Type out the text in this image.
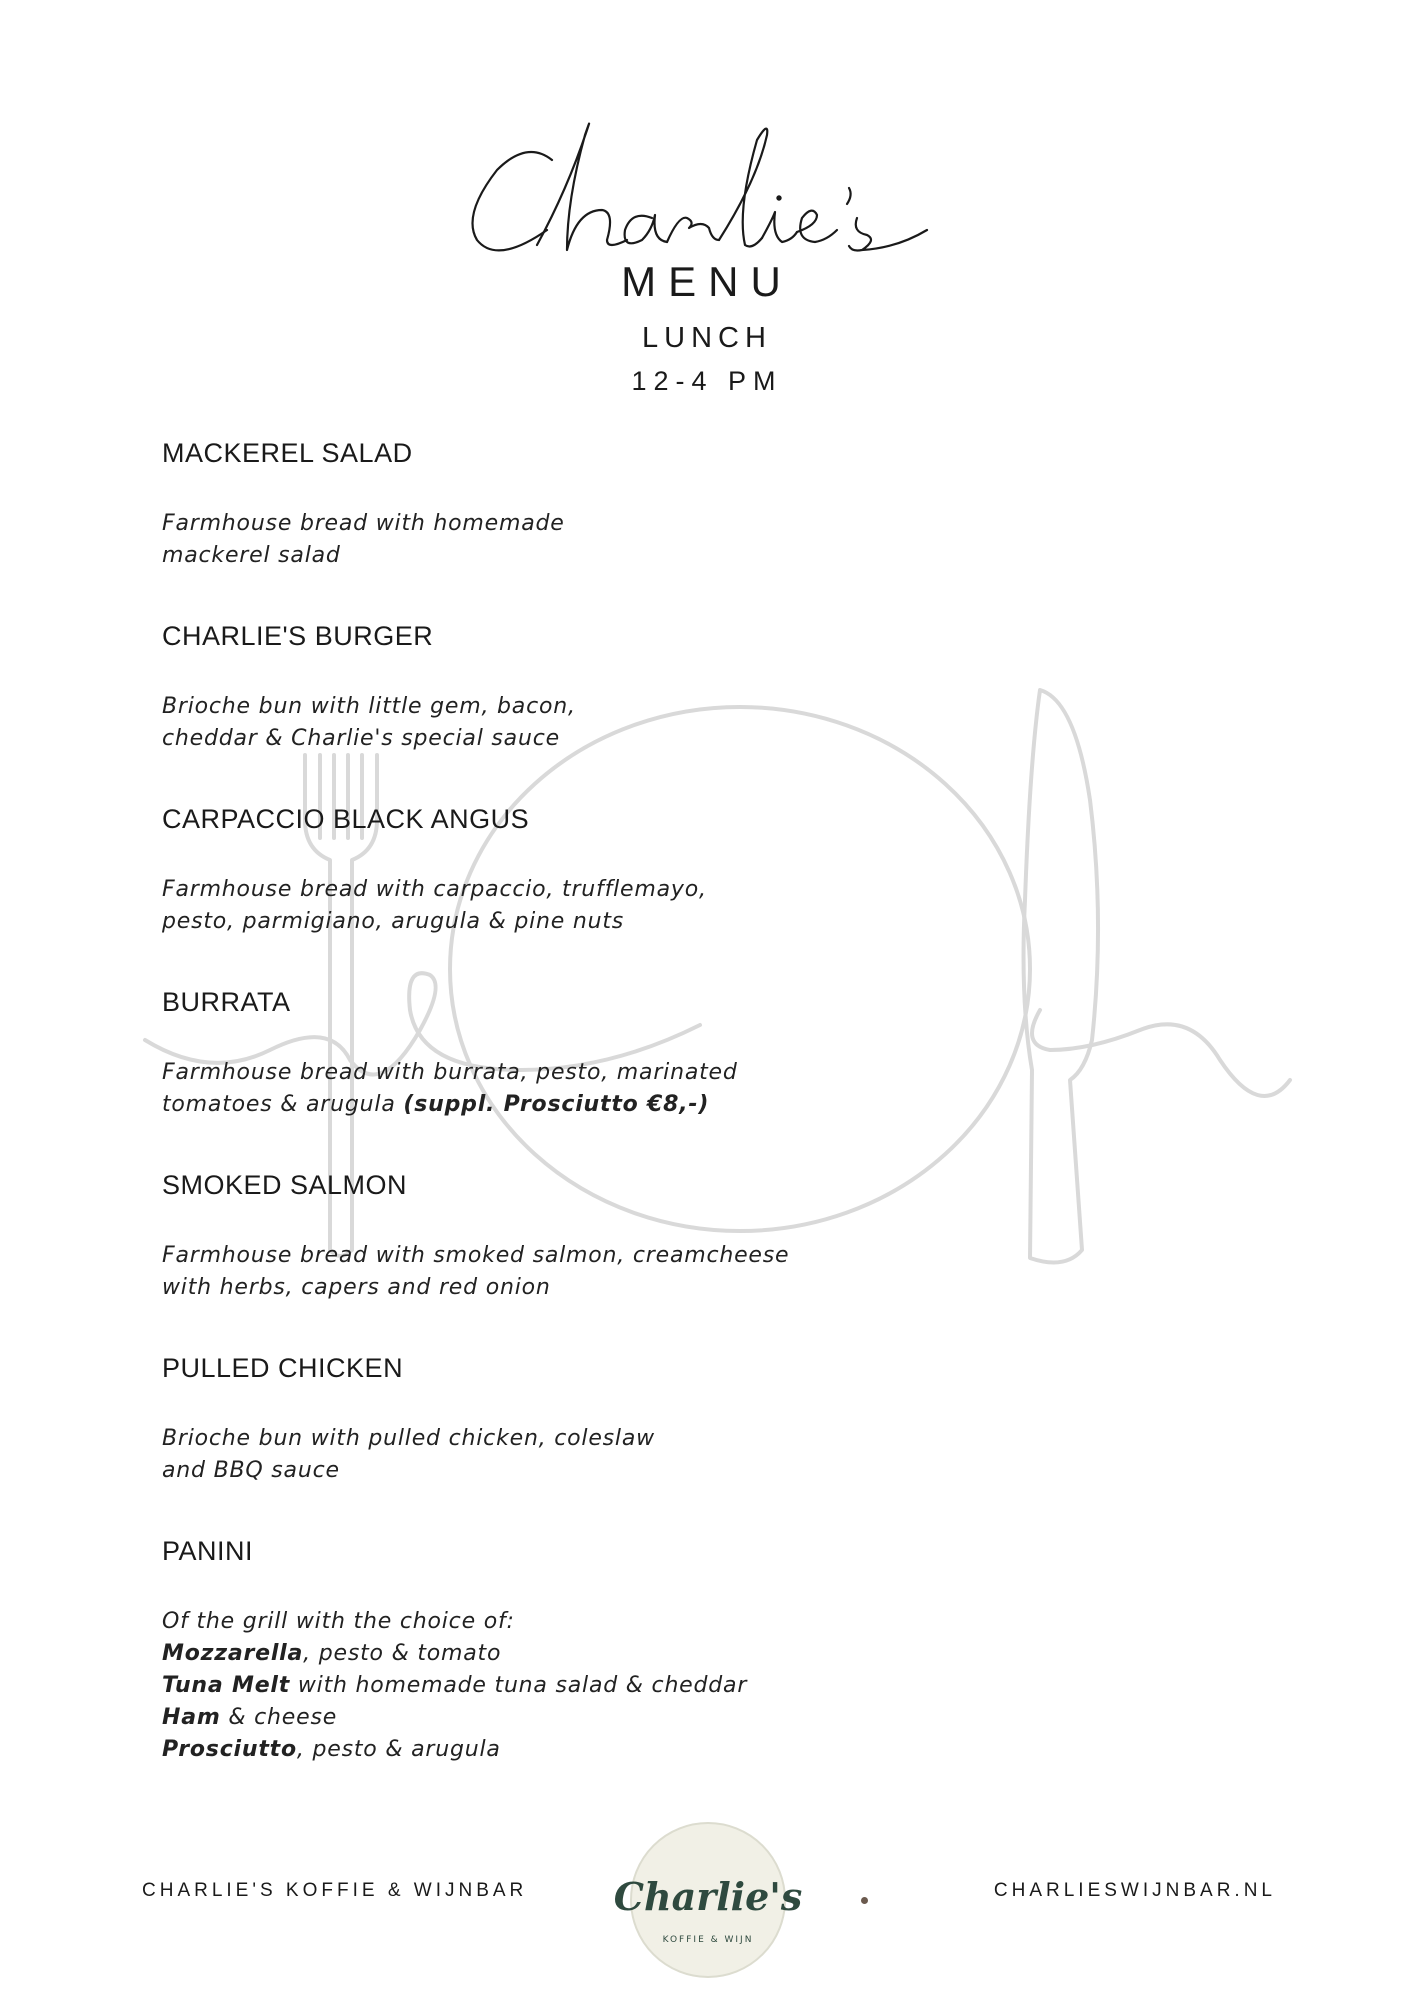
MENU
LUNCH
12-4 PM

MACKEREL SALAD

Farmhouse bread with homemade
mackerel salad

CHARLIE'S BURGER

Brioche bun with little gem, bacon,
cheddar & Charlie's special sauce

CARPACCIO BLACK ANGUS

Farmhouse bread with carpaccio, trufflemayo,
pesto, parmigiano, arugula & pine nuts

BURRATA

Farmhouse bread with burrata, pesto, marinated
tomatoes & arugula (suppl. Prosciutto €8,-)

SMOKED SALMON

Farmhouse bread with smoked salmon, creamcheese
with herbs, capers and red onion

PULLED CHICKEN

Brioche bun with pulled chicken, coleslaw
and BBQ sauce

PANINI

Of the grill with the choice of:
Mozzarella, pesto & tomato
Tuna Melt with homemade tuna salad & cheddar
Ham & cheese
Prosciutto, pesto & arugula
CHARLIE'S KOFFIE & WIJNBAR Charlie's
KOFFIE & WIJN
CHARLIESWIJNBAR.NL
